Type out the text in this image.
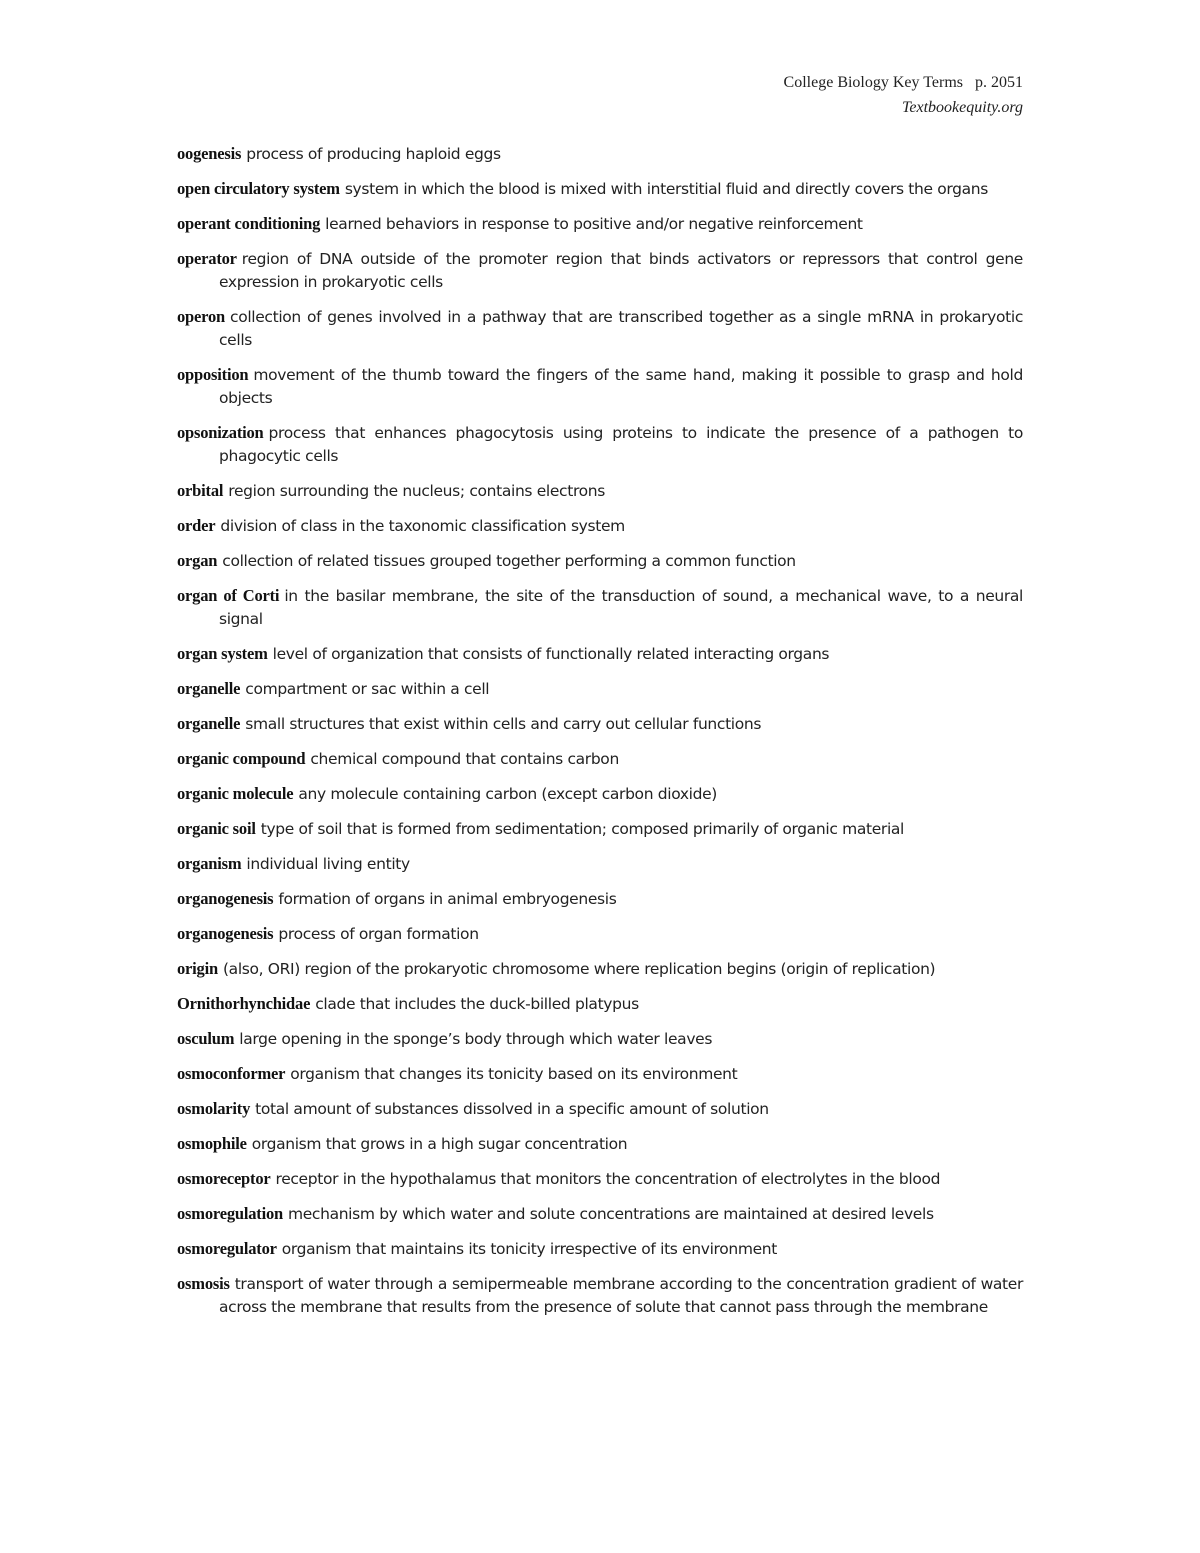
College Biology Key Terms   p. 2051
Textbookequity.org
oogenesis process of producing haploid eggs
open circulatory system system in which the blood is mixed with interstitial fluid and directly covers the organs
operant conditioning learned behaviors in response to positive and/or negative reinforcement
operator region of DNA outside of the promoter region that binds activators or repressors that control gene expression in prokaryotic cells
operon collection of genes involved in a pathway that are transcribed together as a single mRNA in prokaryotic cells
opposition movement of the thumb toward the fingers of the same hand, making it possible to grasp and hold objects
opsonization process that enhances phagocytosis using proteins to indicate the presence of a pathogen to phagocytic cells
orbital region surrounding the nucleus; contains electrons
order division of class in the taxonomic classification system
organ collection of related tissues grouped together performing a common function
organ of Corti in the basilar membrane, the site of the transduction of sound, a mechanical wave, to a neural signal
organ system level of organization that consists of functionally related interacting organs
organelle compartment or sac within a cell
organelle small structures that exist within cells and carry out cellular functions
organic compound chemical compound that contains carbon
organic molecule any molecule containing carbon (except carbon dioxide)
organic soil type of soil that is formed from sedimentation; composed primarily of organic material
organism individual living entity
organogenesis formation of organs in animal embryogenesis
organogenesis process of organ formation
origin (also, ORI) region of the prokaryotic chromosome where replication begins (origin of replication)
Ornithorhynchidae clade that includes the duck-billed platypus
osculum large opening in the sponge’s body through which water leaves
osmoconformer organism that changes its tonicity based on its environment
osmolarity total amount of substances dissolved in a specific amount of solution
osmophile organism that grows in a high sugar concentration
osmoreceptor receptor in the hypothalamus that monitors the concentration of electrolytes in the blood
osmoregulation mechanism by which water and solute concentrations are maintained at desired levels
osmoregulator organism that maintains its tonicity irrespective of its environment
osmosis transport of water through a semipermeable membrane according to the concentration gradient of water across the membrane that results from the presence of solute that cannot pass through the membrane
